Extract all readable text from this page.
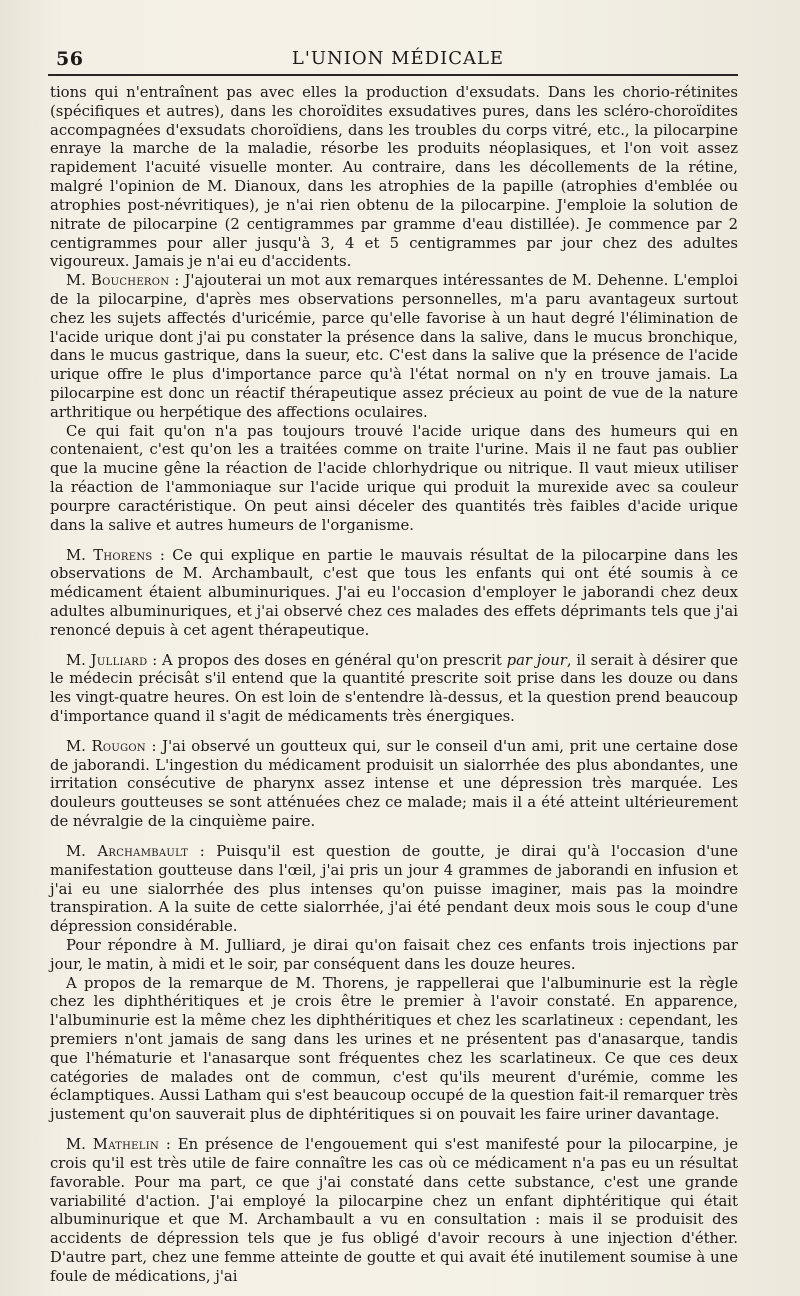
56	L'UNION MÉDICALE

tions qui n'entraînent pas avec elles la production d'exsudats. Dans les chorio-rétinites (spécifiques et autres), dans les choroïdites exsudatives pures, dans les scléro-choroïdites accompagnées d'exsudats choroïdiens, dans les troubles du corps vitré, etc., la pilocarpine enraye la marche de la maladie, résorbe les produits néoplasiques, et l'on voit assez rapidement l'acuité visuelle monter. Au contraire, dans les décollements de la rétine, malgré l'opinion de M. Dianoux, dans les atrophies de la papille (atrophies d'emblée ou atrophies post-névritiques), je n'ai rien obtenu de la pilocarpine. J'emploie la solution de nitrate de pilocarpine (2 centigrammes par gramme d'eau distillée). Je commence par 2 centigrammes pour aller jusqu'à 3, 4 et 5 centigrammes par jour chez des adultes vigoureux. Jamais je n'ai eu d'accidents.

M. Boucheron : J'ajouterai un mot aux remarques intéressantes de M. Dehenne. L'emploi de la pilocarpine, d'après mes observations personnelles, m'a paru avantageux surtout chez les sujets affectés d'uricémie, parce qu'elle favorise à un haut degré l'élimination de l'acide urique dont j'ai pu constater la présence dans la salive, dans le mucus bronchique, dans le mucus gastrique, dans la sueur, etc. C'est dans la salive que la présence de l'acide urique offre le plus d'importance parce qu'à l'état normal on n'y en trouve jamais. La pilocarpine est donc un réactif thérapeutique assez précieux au point de vue de la nature arthritique ou herpétique des affections oculaires.

Ce qui fait qu'on n'a pas toujours trouvé l'acide urique dans des humeurs qui en contenaient, c'est qu'on les a traitées comme on traite l'urine. Mais il ne faut pas oublier que la mucine gêne la réaction de l'acide chlorhydrique ou nitrique. Il vaut mieux utiliser la réaction de l'ammoniaque sur l'acide urique qui produit la murexide avec sa couleur pourpre caractéristique. On peut ainsi déceler des quantités très faibles d'acide urique dans la salive et autres humeurs de l'organisme.

M. Thorens : Ce qui explique en partie le mauvais résultat de la pilocarpine dans les observations de M. Archambault, c'est que tous les enfants qui ont été soumis à ce médicament étaient albuminuriques. J'ai eu l'occasion d'employer le jaborandi chez deux adultes albuminuriques, et j'ai observé chez ces malades des effets déprimants tels que j'ai renoncé depuis à cet agent thérapeutique.

M. Julliard : A propos des doses en général qu'on prescrit par jour, il serait à désirer que le médecin précisât s'il entend que la quantité prescrite soit prise dans les douze ou dans les vingt-quatre heures. On est loin de s'entendre là-dessus, et la question prend beaucoup d'importance quand il s'agit de médicaments très énergiques.

M. Rougon : J'ai observé un goutteux qui, sur le conseil d'un ami, prit une certaine dose de jaborandi. L'ingestion du médicament produisit un sialorrhée des plus abondantes, une irritation consécutive de pharynx assez intense et une dépression très marquée. Les douleurs goutteuses se sont atténuées chez ce malade; mais il a été atteint ultérieurement de névralgie de la cinquième paire.

M. Archambault : Puisqu'il est question de goutte, je dirai qu'à l'occasion d'une manifestation goutteuse dans l'œil, j'ai pris un jour 4 grammes de jaborandi en infusion et j'ai eu une sialorrhée des plus intenses qu'on puisse imaginer, mais pas la moindre transpiration. A la suite de cette sialorrhée, j'ai été pendant deux mois sous le coup d'une dépression considérable.

Pour répondre à M. Julliard, je dirai qu'on faisait chez ces enfants trois injections par jour, le matin, à midi et le soir, par conséquent dans les douze heures.

A propos de la remarque de M. Thorens, je rappellerai que l'albuminurie est la règle chez les diphthéritiques et je crois être le premier à l'avoir constaté. En apparence, l'albuminurie est la même chez les diphthéritiques et chez les scarlatineux : cependant, les premiers n'ont jamais de sang dans les urines et ne présentent pas d'anasarque, tandis que l'hématurie et l'anasarque sont fréquentes chez les scarlatineux. Ce que ces deux catégories de malades ont de commun, c'est qu'ils meurent d'urémie, comme les éclamptiques. Aussi Latham qui s'est beaucoup occupé de la question fait-il remarquer très justement qu'on sauverait plus de diphtéritiques si on pouvait les faire uriner davantage.

M. Mathelin : En présence de l'engouement qui s'est manifesté pour la pilocarpine, je crois qu'il est très utile de faire connaître les cas où ce médicament n'a pas eu un résultat favorable. Pour ma part, ce que j'ai constaté dans cette substance, c'est une grande variabilité d'action. J'ai employé la pilocarpine chez un enfant diphtéritique qui était albuminurique et que M. Archambault a vu en consultation : mais il se produisit des accidents de dépression tels que je fus obligé d'avoir recours à une injection d'éther. D'autre part, chez une femme atteinte de goutte et qui avait été inutilement soumise à une foule de médications, j'ai
